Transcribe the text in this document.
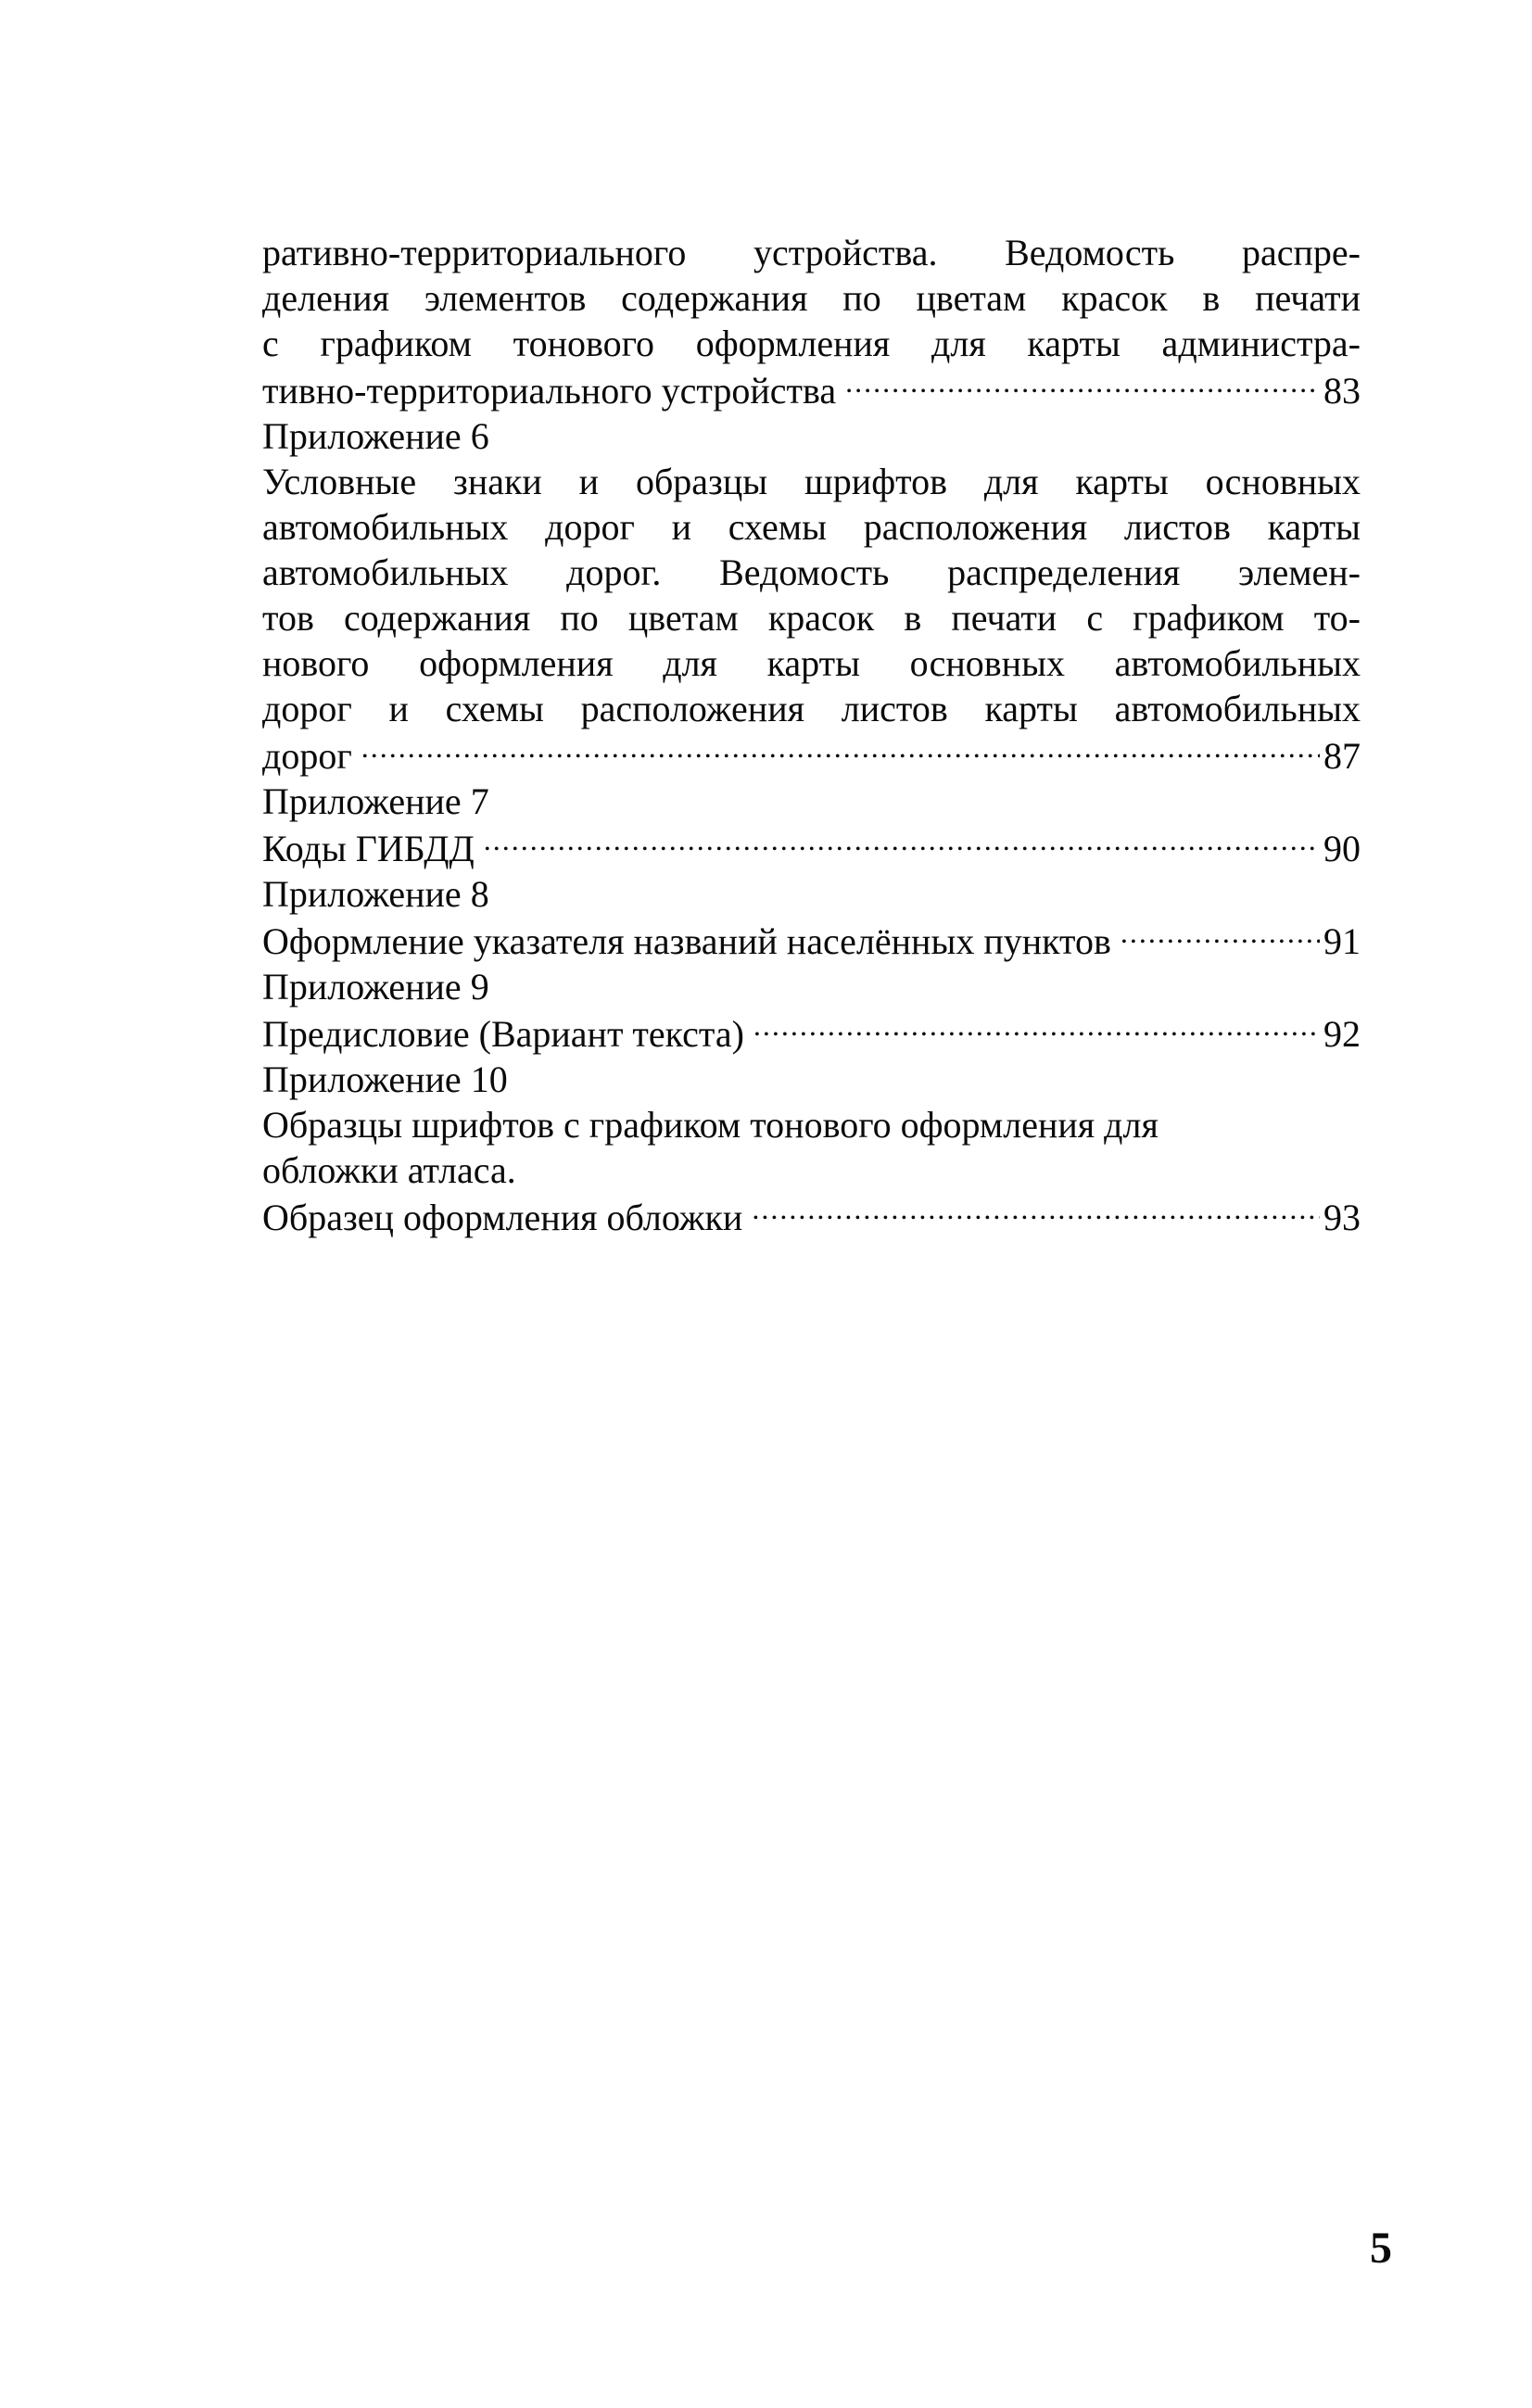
ративно-территориального устройства. Ведомость распре-
деления элементов содержания по цветам красок в печати
с графиком тонового оформления для карты администра-
тивно-территориального устройства .....	83
Приложение 6
Условные знаки и образцы шрифтов для карты основных
автомобильных дорог и схемы расположения листов карты
автомобильных дорог. Ведомость распределения элемен-
тов содержания по цветам красок в печати с графиком то-
нового оформления для карты основных автомобильных
дорог и схемы расположения листов карты автомобильных
дорог .....	87
Приложение 7
Коды ГИБДД .....	90
Приложение 8
Оформление указателя названий населённых пунктов .....	91
Приложение 9
Предисловие (Вариант текста) .....	92
Приложение 10
Образцы шрифтов с графиком тонового оформления для
обложки атласа.
Образец оформления обложки .....	93
5
